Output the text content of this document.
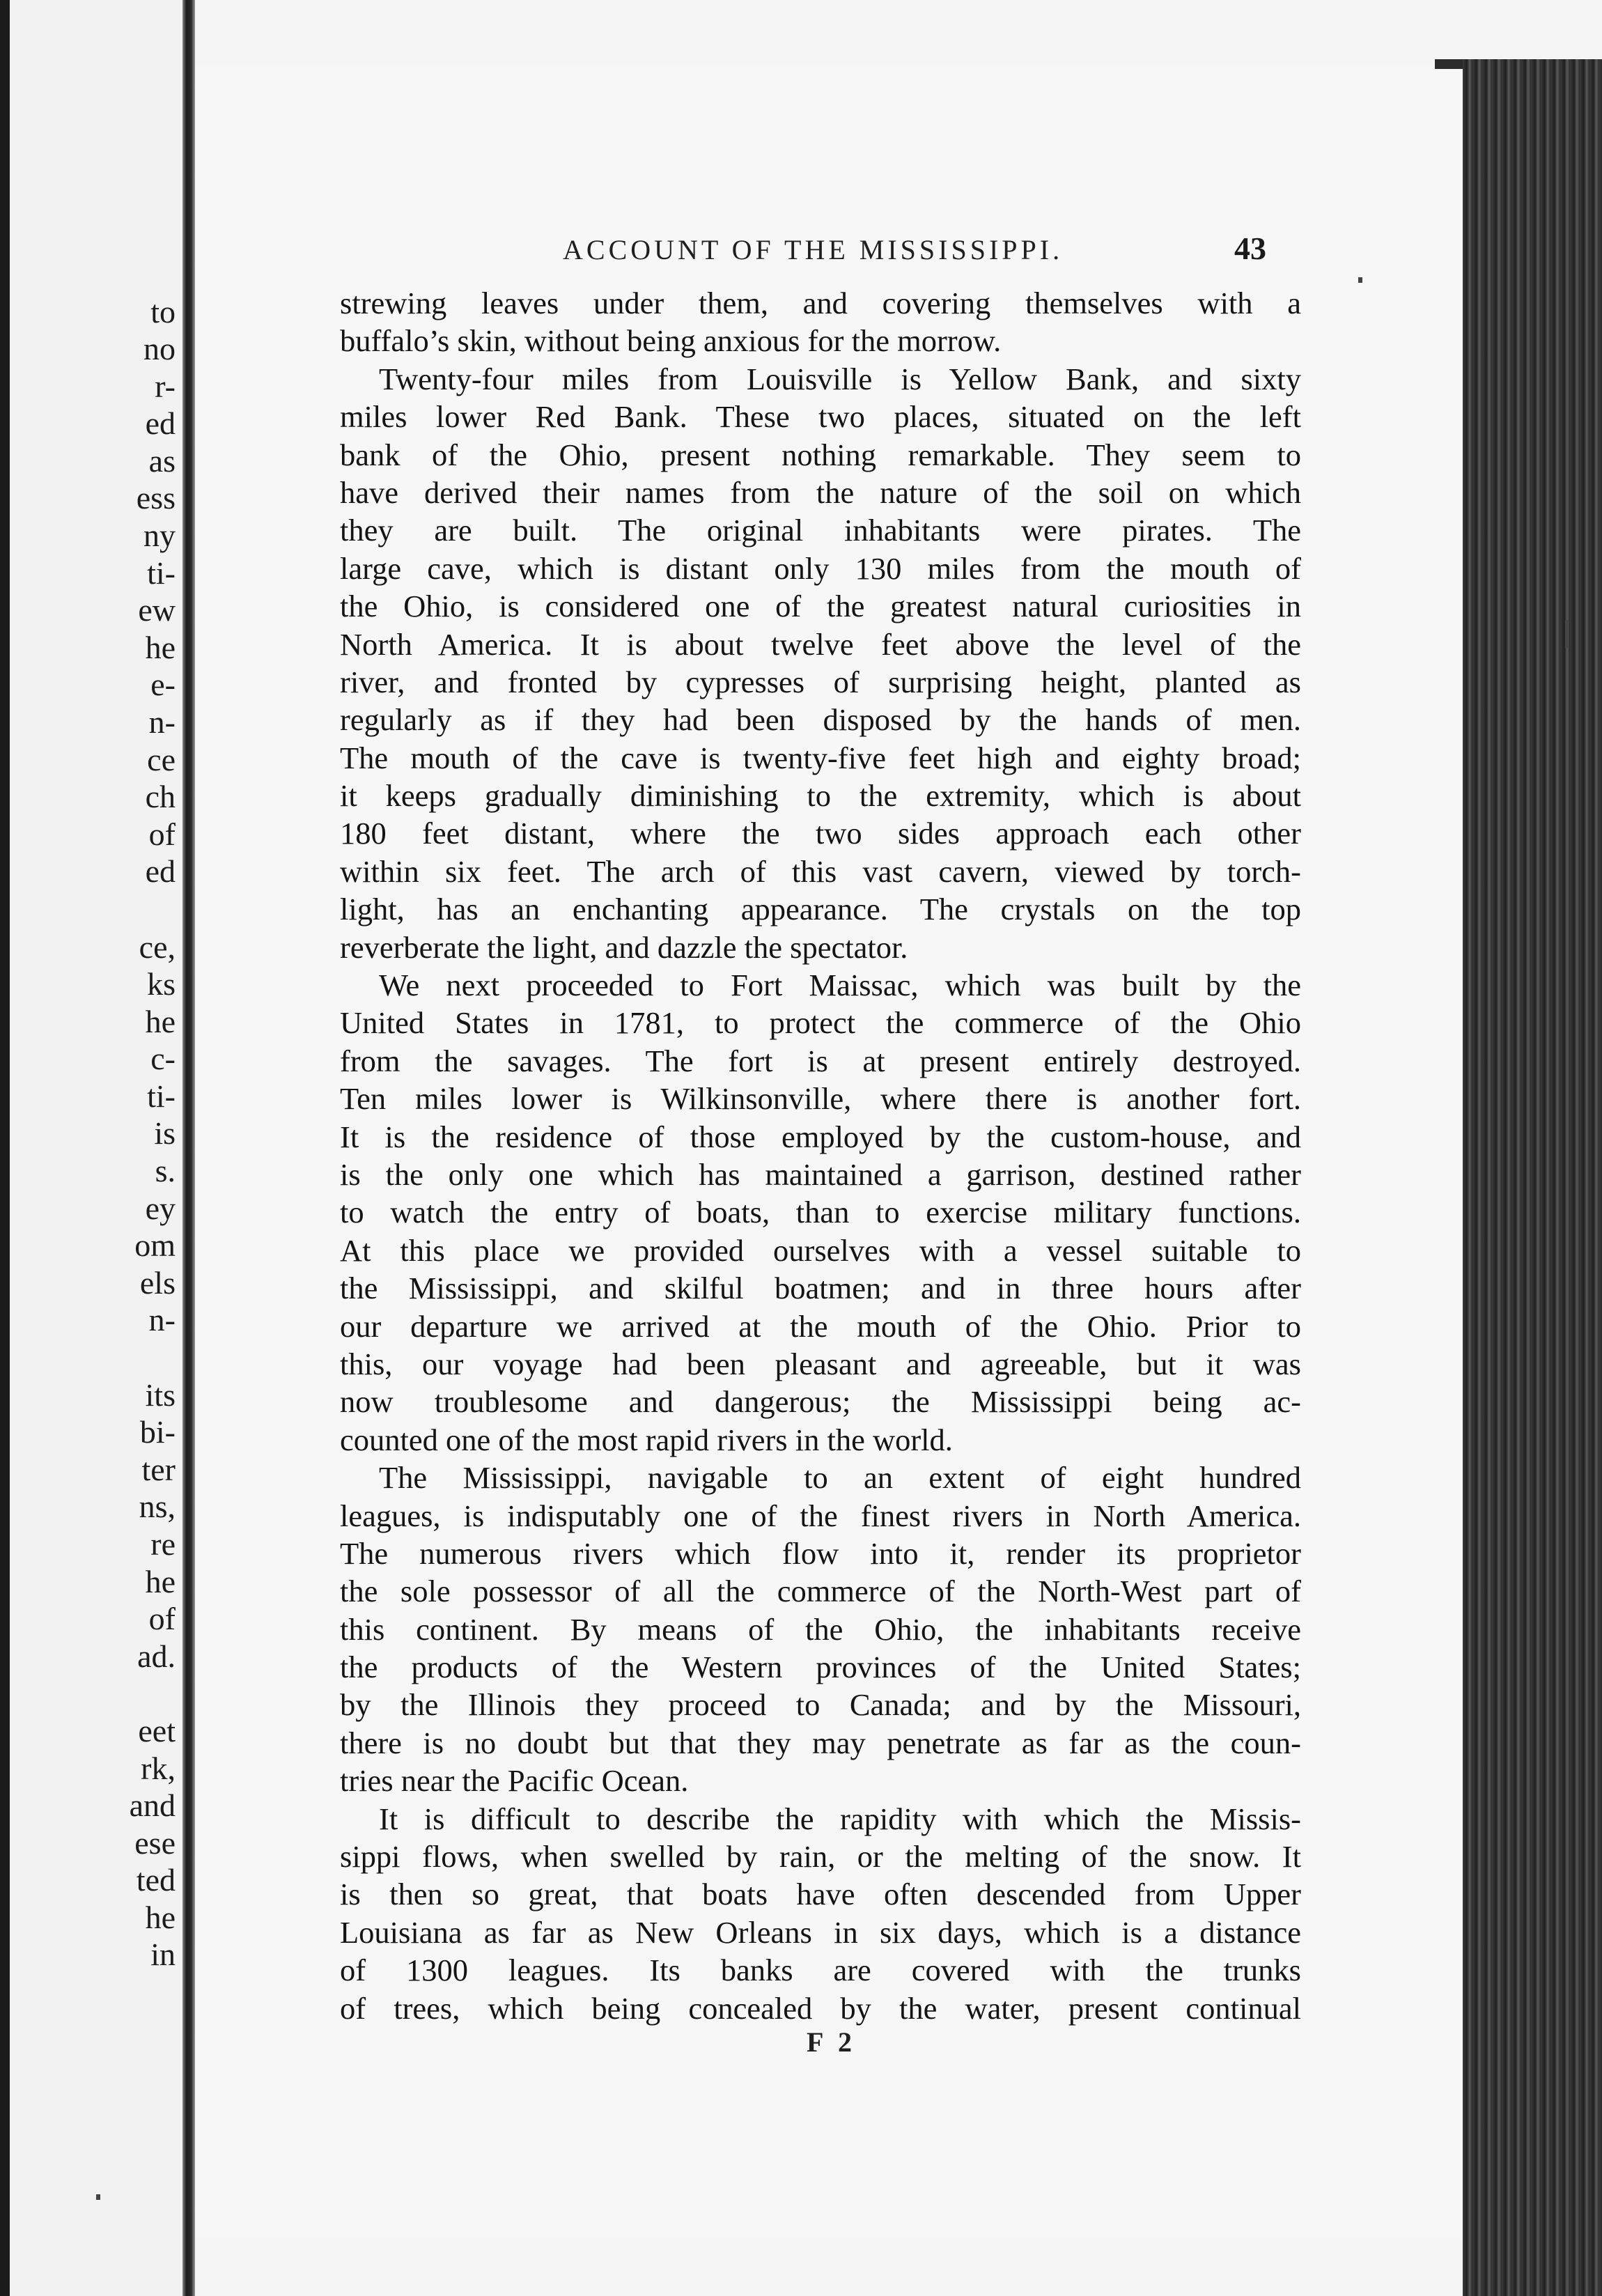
to
no
r-
ed
as
ess
ny
ti-
ew
he
e-
n-
ce
ch
of
ed
ce,
ks
he
c-
ti-
is
s.
ey
om
els
n-
its
bi-
ter
ns,
re
he
of
ad.
eet
rk,
and
ese
ted
he
in
ACCOUNT OF THE MISSISSIPPI.	43
strewing leaves under them, and covering themselves with a
buffalo’s skin, without being anxious for the morrow.
Twenty-four miles from Louisville is Yellow Bank, and sixty
miles lower Red Bank. These two places, situated on the left
bank of the Ohio, present nothing remarkable. They seem to
have derived their names from the nature of the soil on which
they are built. The original inhabitants were pirates. The
large cave, which is distant only 130 miles from the mouth of
the Ohio, is considered one of the greatest natural curiosities in
North America. It is about twelve feet above the level of the
river, and fronted by cypresses of surprising height, planted as
regularly as if they had been disposed by the hands of men.
The mouth of the cave is twenty-five feet high and eighty broad;
it keeps gradually diminishing to the extremity, which is about
180 feet distant, where the two sides approach each other
within six feet. The arch of this vast cavern, viewed by torch-
light, has an enchanting appearance. The crystals on the top
reverberate the light, and dazzle the spectator.
We next proceeded to Fort Maissac, which was built by the
United States in 1781, to protect the commerce of the Ohio
from the savages. The fort is at present entirely destroyed.
Ten miles lower is Wilkinsonville, where there is another fort.
It is the residence of those employed by the custom-house, and
is the only one which has maintained a garrison, destined rather
to watch the entry of boats, than to exercise military functions.
At this place we provided ourselves with a vessel suitable to
the Mississippi, and skilful boatmen; and in three hours after
our departure we arrived at the mouth of the Ohio. Prior to
this, our voyage had been pleasant and agreeable, but it was
now troublesome and dangerous; the Mississippi being ac-
counted one of the most rapid rivers in the world.
The Mississippi, navigable to an extent of eight hundred
leagues, is indisputably one of the finest rivers in North America.
The numerous rivers which flow into it, render its proprietor
the sole possessor of all the commerce of the North-West part of
this continent. By means of the Ohio, the inhabitants receive
the products of the Western provinces of the United States;
by the Illinois they proceed to Canada; and by the Missouri,
there is no doubt but that they may penetrate as far as the coun-
tries near the Pacific Ocean.
It is difficult to describe the rapidity with which the Missis-
sippi flows, when swelled by rain, or the melting of the snow. It
is then so great, that boats have often descended from Upper
Louisiana as far as New Orleans in six days, which is a distance
of 1300 leagues. Its banks are covered with the trunks
of trees, which being concealed by the water, present continual
F 2
